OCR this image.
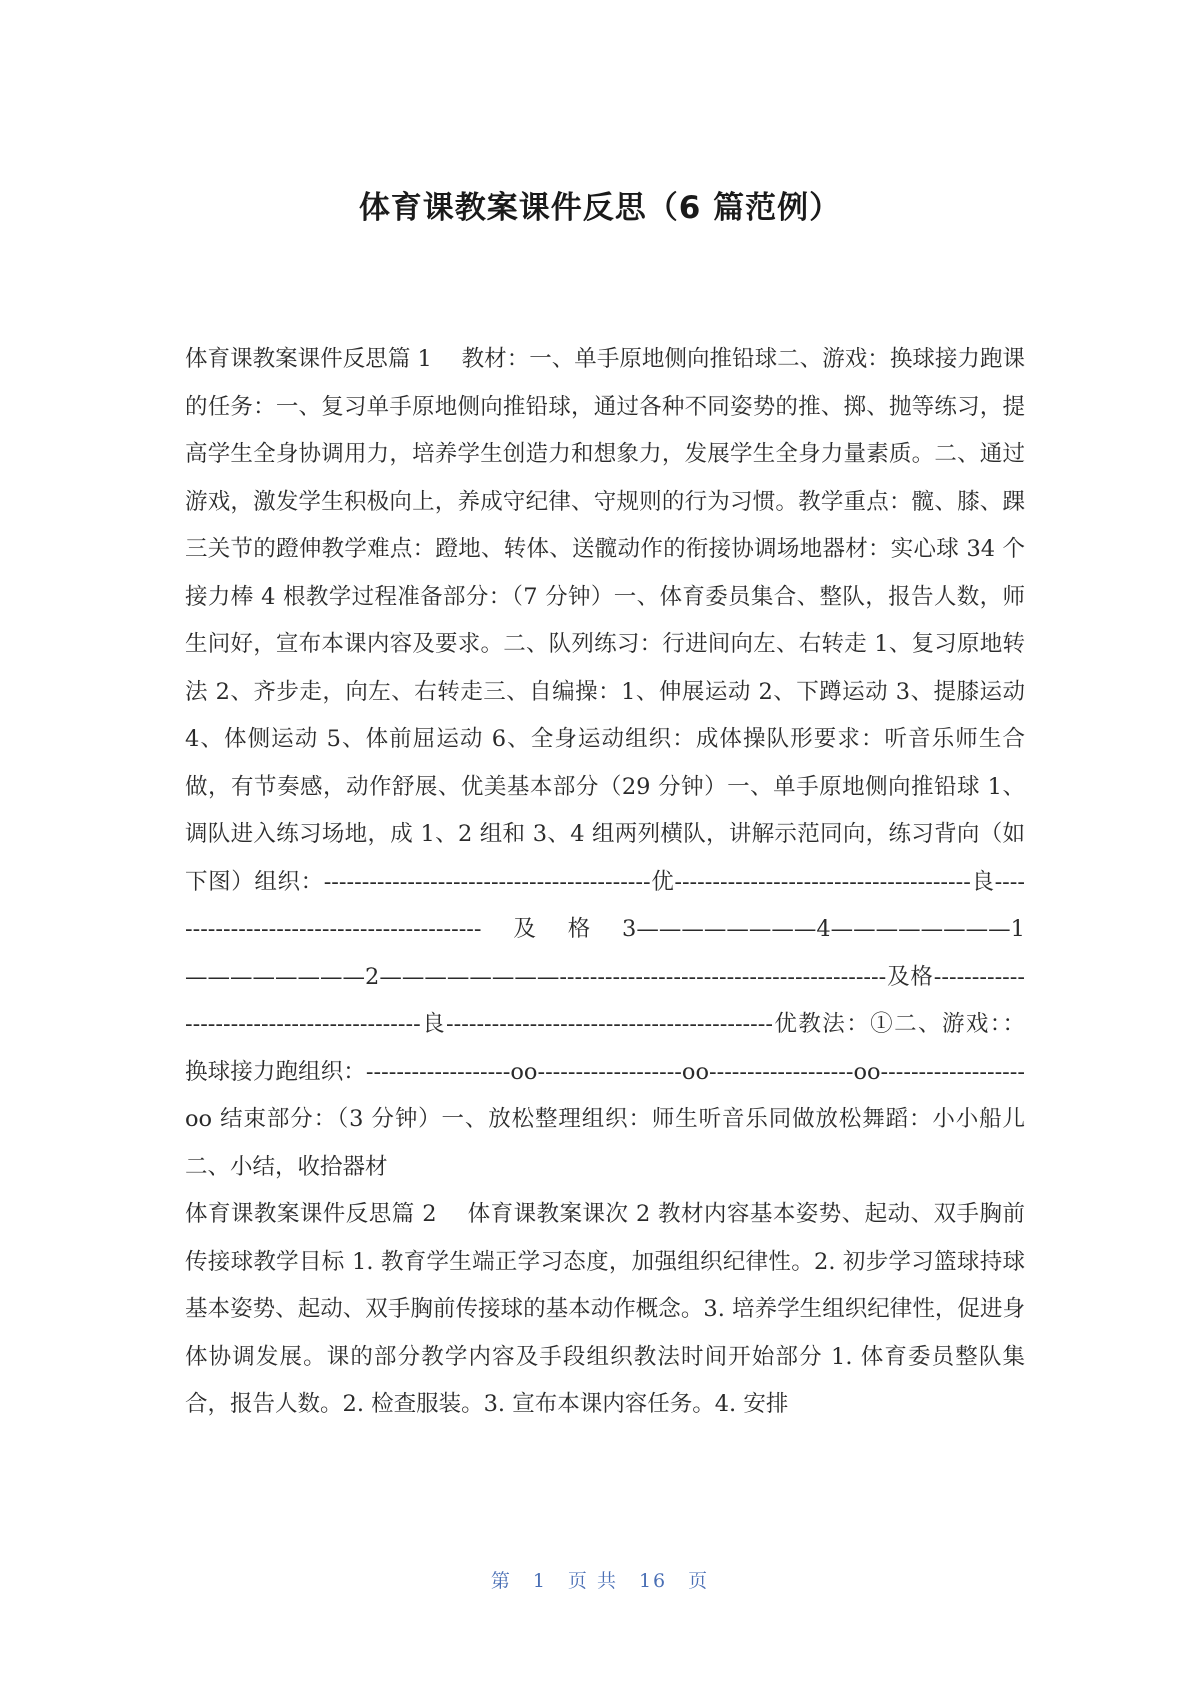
体育课教案课件反思（6 篇范例）

体育课教案课件反思篇 1　 教材：一、单手原地侧向推铅球二、游戏：换球接力跑课的任务：一、复习单手原地侧向推铅球，通过各种不同姿势的推、掷、抛等练习，提高学生全身协调用力，培养学生创造力和想象力，发展学生全身力量素质。二、通过游戏，激发学生积极向上，养成守纪律、守规则的行为习惯。教学重点：髋、膝、踝三关节的蹬伸教学难点：蹬地、转体、送髋动作的衔接协调场地器材：实心球 34 个接力棒 4 根教学过程准备部分：（7 分钟）一、体育委员集合、整队，报告人数，师生问好，宣布本课内容及要求。二、队列练习：行进间向左、右转走 1、复习原地转法 2、齐步走，向左、右转走三、自编操：1、伸展运动 2、下蹲运动 3、提膝运动 4、体侧运动 5、体前屈运动 6、全身运动组织：成体操队形要求：听音乐师生合做，有节奏感，动作舒展、优美基本部分（29 分钟）一、单手原地侧向推铅球 1、调队进入练习场地，成 1、2 组和 3、4 组两列横队，讲解示范同向，练习背向（如下图）组织：-------------------------------------------优---------------------------------------良-------------------------------------------及格3————————4————————1————————2————————-------------------------------------------及格-------------------------------------------良-------------------------------------------优教法：①二、游戏：：换球接力跑组织：-------------------oo-------------------oo-------------------oo-------------------oo 结束部分：（3 分钟）一、放松整理组织：师生听音乐同做放松舞蹈：小小船儿二、小结，收拾器材

体育课教案课件反思篇 2　 体育课教案课次 2 教材内容基本姿势、起动、双手胸前传接球教学目标 1. 教育学生端正学习态度，加强组织纪律性。2. 初步学习篮球持球基本姿势、起动、双手胸前传接球的基本动作概念。3. 培养学生组织纪律性，促进身体协调发展。课的部分教学内容及手段组织教法时间开始部分 1. 体育委员整队集合，报告人数。2. 检查服装。3. 宣布本课内容任务。4. 安排

第　1　页 共　16　页
